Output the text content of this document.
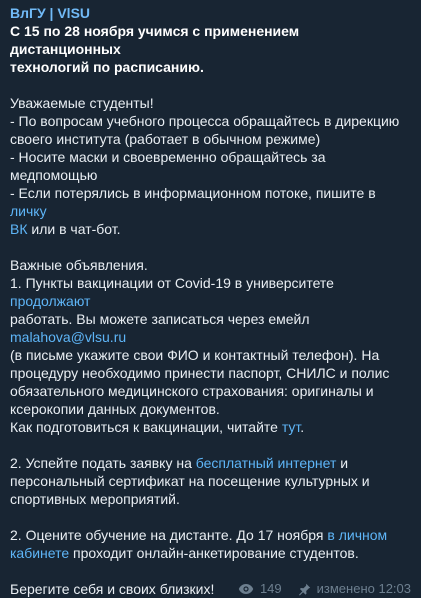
ВлГУ | VlSU
С 15 по 28 ноября учимся с применением дистанционных
технологий по расписанию.
Уважаемые студенты!
- По вопросам учебного процесса обращайтесь в дирекцию
своего института (работает в обычном режиме)
- Носите маски и своевременно обращайтесь за медпомощью
- Если потерялись в информационном потоке, пишите в личку
ВК или в чат-бот.
Важные объявления.
1. Пункты вакцинации от Covid-19 в университете продолжают
работать. Вы можете записаться через емейл malahova@vlsu.ru
(в письме укажите свои ФИО и контактный телефон). На
процедуру необходимо принести паспорт, СНИЛС и полис
обязательного медицинского страхования: оригиналы и
ксерокопии данных документов.
Как подготовиться к вакцинации, читайте тут.
2. Успейте подать заявку на бесплатный интернет и
персональный сертификат на посещение культурных и
спортивных мероприятий.
2. Оцените обучение на дистанте. До 17 ноября в личном
кабинете проходит онлайн-анкетирование студентов.
Берегите себя и своих близких!	149	изменено 12:03
